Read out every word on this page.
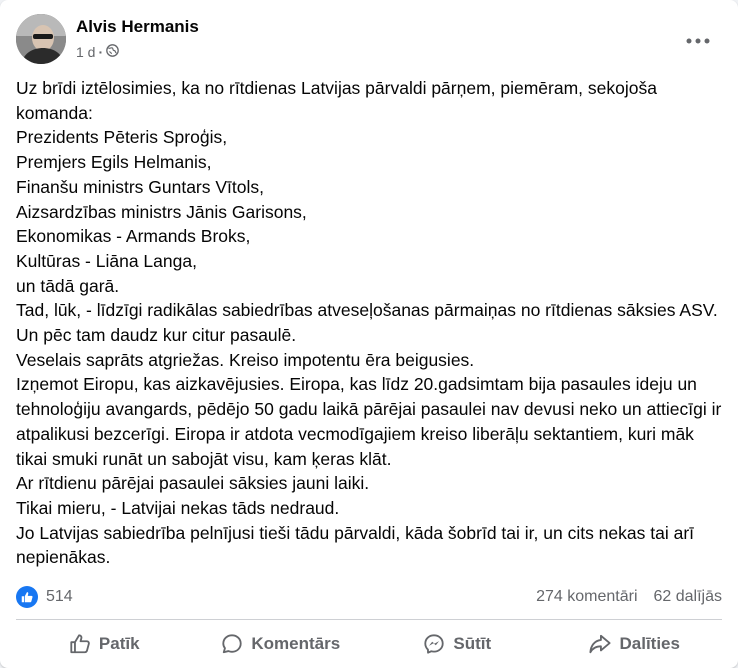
Alvis Hermanis
1 d ·

Uz brīdi iztēlosimies, ka no rītdienas Latvijas pārvaldi pārņem, piemēram, sekojoša komanda:

Prezidents Pēteris Sproģis,

Premjers Egils Helmanis,

Finanšu ministrs Guntars Vītols,

Aizsardzības ministrs Jānis Garisons,

Ekonomikas - Armands Broks,

Kultūras - Liāna Langa,

un tādā garā.

Tad, lūk, - līdzīgi radikālas sabiedrības atveseļošanas pārmaiņas no rītdienas sāksies ASV. Un pēc tam daudz kur citur pasaulē.

Veselais saprāts atgriežas. Kreiso impotentu ēra beigusies.

Izņemot Eiropu, kas aizkavējusies. Eiropa, kas līdz 20.gadsimtam bija pasaules ideju un tehnoloģiju avangards, pēdējo 50 gadu laikā pārējai pasaulei nav devusi neko un attiecīgi ir atpalikusi bezcerīgi. Eiropa ir atdota vecmodīgajiem kreiso liberāļu sektantiem, kuri māk tikai smuki runāt un sabojāt visu, kam ķeras klāt.

Ar rītdienu pārējai pasaulei sāksies jauni laiki.

Tikai mieru, - Latvijai nekas tāds nedraud.

Jo Latvijas sabiedrība pelnījusi tieši tādu pārvaldi, kāda šobrīd tai ir, un cits nekas tai arī nepienākas.

514	274 komentāri 62 dalījās
Patīk	Komentārs	Sūtīt	Dalīties
